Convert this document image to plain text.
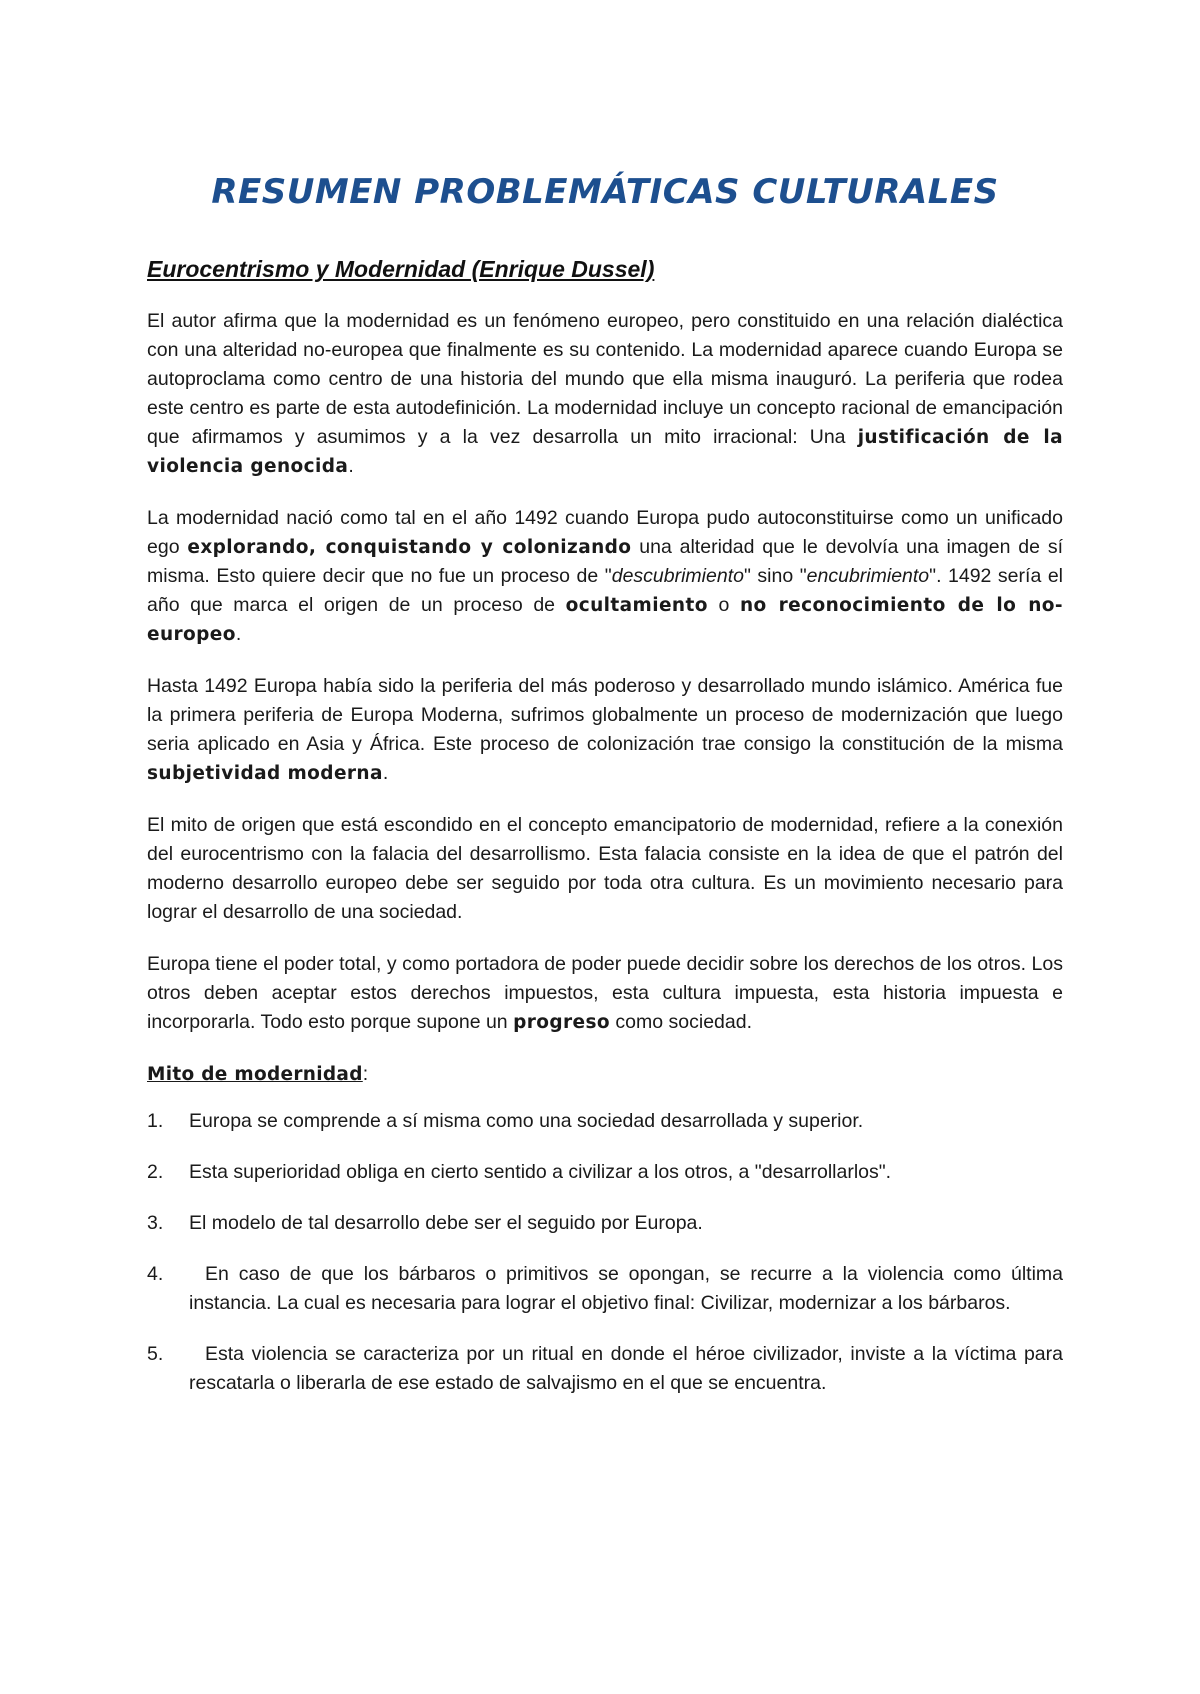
RESUMEN PROBLEMÁTICAS CULTURALES
Eurocentrismo y Modernidad (Enrique Dussel)

El autor afirma que la modernidad es un fenómeno europeo, pero constituido en una relación dialéctica con una alteridad no-europea que finalmente es su contenido. La modernidad aparece cuando Europa se autoproclama como centro de una historia del mundo que ella misma inauguró. La periferia que rodea este centro es parte de esta autodefinición. La modernidad incluye un concepto racional de emancipación que afirmamos y asumimos y a la vez desarrolla un mito irracional: Una justificación de la violencia genocida.

La modernidad nació como tal en el año 1492 cuando Europa pudo autoconstituirse como un unificado ego explorando, conquistando y colonizando una alteridad que le devolvía una imagen de sí misma. Esto quiere decir que no fue un proceso de "descubrimiento" sino "encubrimiento". 1492 sería el año que marca el origen de un proceso de ocultamiento o no reconocimiento de lo no-europeo.

Hasta 1492 Europa había sido la periferia del más poderoso y desarrollado mundo islámico. América fue la primera periferia de Europa Moderna, sufrimos globalmente un proceso de modernización que luego seria aplicado en Asia y África. Este proceso de colonización trae consigo la constitución de la misma subjetividad moderna.

El mito de origen que está escondido en el concepto emancipatorio de modernidad, refiere a la conexión del eurocentrismo con la falacia del desarrollismo. Esta falacia consiste en la idea de que el patrón del moderno desarrollo europeo debe ser seguido por toda otra cultura. Es un movimiento necesario para lograr el desarrollo de una sociedad.

Europa tiene el poder total, y como portadora de poder puede decidir sobre los derechos de los otros. Los otros deben aceptar estos derechos impuestos, esta cultura impuesta, esta historia impuesta e incorporarla. Todo esto porque supone un progreso como sociedad.

Mito de modernidad:
1. Europa se comprende a sí misma como una sociedad desarrollada y superior.
2. Esta superioridad obliga en cierto sentido a civilizar a los otros, a "desarrollarlos".
3. El modelo de tal desarrollo debe ser el seguido por Europa.
4.	En caso de que los bárbaros o primitivos se opongan, se recurre a la violencia como última instancia. La cual es necesaria para lograr el objetivo final: Civilizar, modernizar a los bárbaros.
5.	Esta violencia se caracteriza por un ritual en donde el héroe civilizador, inviste a la víctima para rescatarla o liberarla de ese estado de salvajismo en el que se encuentra.
